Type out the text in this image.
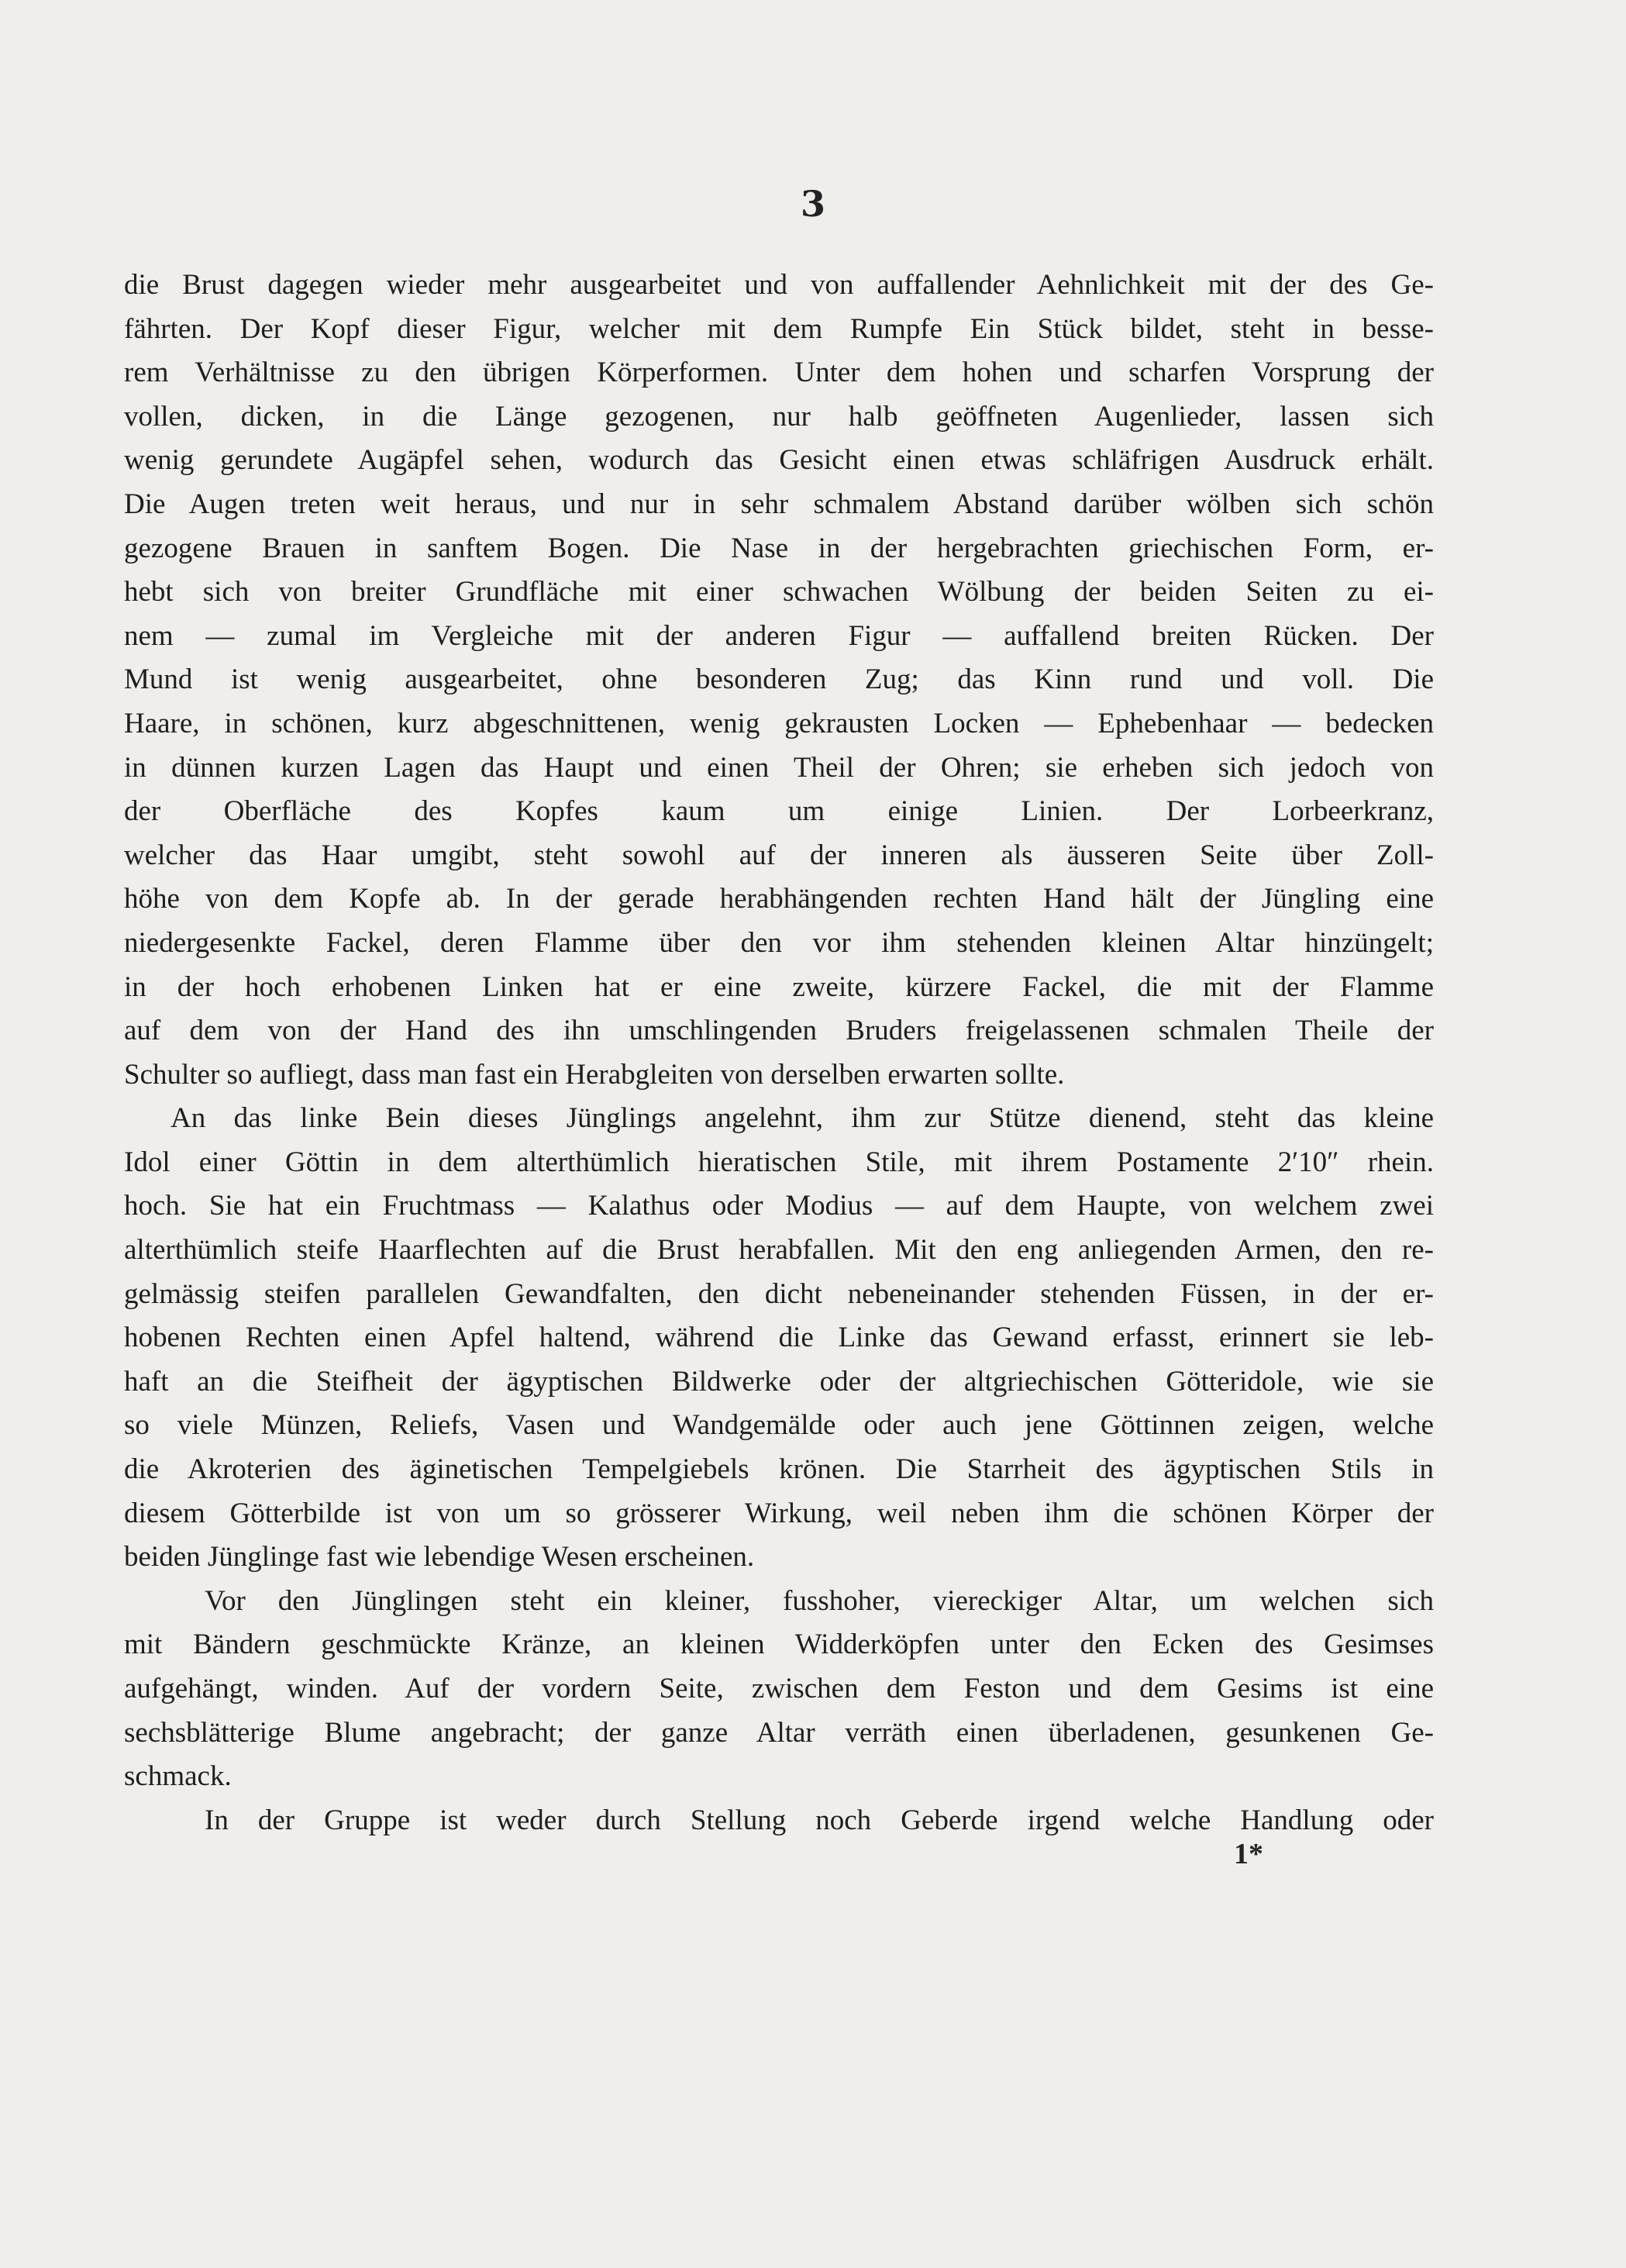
3
die Brust dagegen wieder mehr ausgearbeitet und von auffallender Aehnlichkeit mit der des Ge-
fährten. Der Kopf dieser Figur, welcher mit dem Rumpfe Ein Stück bildet, steht in besse-
rem Verhältnisse zu den übrigen Körperformen. Unter dem hohen und scharfen Vorsprung der
vollen, dicken, in die Länge gezogenen, nur halb geöffneten Augenlieder, lassen sich
wenig gerundete Augäpfel sehen, wodurch das Gesicht einen etwas schläfrigen Ausdruck erhält.
Die Augen treten weit heraus, und nur in sehr schmalem Abstand darüber wölben sich schön
gezogene Brauen in sanftem Bogen. Die Nase in der hergebrachten griechischen Form, er-
hebt sich von breiter Grundfläche mit einer schwachen Wölbung der beiden Seiten zu ei-
nem — zumal im Vergleiche mit der anderen Figur — auffallend breiten Rücken. Der
Mund ist wenig ausgearbeitet, ohne besonderen Zug; das Kinn rund und voll. Die
Haare, in schönen, kurz abgeschnittenen, wenig gekrausten Locken — Ephebenhaar — bedecken
in dünnen kurzen Lagen das Haupt und einen Theil der Ohren; sie erheben sich jedoch von
der Oberfläche des Kopfes kaum um einige Linien. Der Lorbeerkranz,
welcher das Haar umgibt, steht sowohl auf der inneren als äusseren Seite über Zoll-
höhe von dem Kopfe ab. In der gerade herabhängenden rechten Hand hält der Jüngling eine
niedergesenkte Fackel, deren Flamme über den vor ihm stehenden kleinen Altar hinzüngelt;
in der hoch erhobenen Linken hat er eine zweite, kürzere Fackel, die mit der Flamme
auf dem von der Hand des ihn umschlingenden Bruders freigelassenen schmalen Theile der
Schulter so aufliegt, dass man fast ein Herabgleiten von derselben erwarten sollte.
An das linke Bein dieses Jünglings angelehnt, ihm zur Stütze dienend, steht das kleine
Idol einer Göttin in dem alterthümlich hieratischen Stile, mit ihrem Postamente 2′10″ rhein.
hoch. Sie hat ein Fruchtmass — Kalathus oder Modius — auf dem Haupte, von welchem zwei
alterthümlich steife Haarflechten auf die Brust herabfallen. Mit den eng anliegenden Armen, den re-
gelmässig steifen parallelen Gewandfalten, den dicht nebeneinander stehenden Füssen, in der er-
hobenen Rechten einen Apfel haltend, während die Linke das Gewand erfasst, erinnert sie leb-
haft an die Steifheit der ägyptischen Bildwerke oder der altgriechischen Götteridole, wie sie
so viele Münzen, Reliefs, Vasen und Wandgemälde oder auch jene Göttinnen zeigen, welche
die Akroterien des äginetischen Tempelgiebels krönen. Die Starrheit des ägyptischen Stils in
diesem Götterbilde ist von um so grösserer Wirkung, weil neben ihm die schönen Körper der
beiden Jünglinge fast wie lebendige Wesen erscheinen.
Vor den Jünglingen steht ein kleiner, fusshoher, viereckiger Altar, um welchen sich
mit Bändern geschmückte Kränze, an kleinen Widderköpfen unter den Ecken des Gesimses
aufgehängt, winden. Auf der vordern Seite, zwischen dem Feston und dem Gesims ist eine
sechsblätterige Blume angebracht; der ganze Altar verräth einen überladenen, gesunkenen Ge-
schmack.
In der Gruppe ist weder durch Stellung noch Geberde irgend welche Handlung oder
1*
